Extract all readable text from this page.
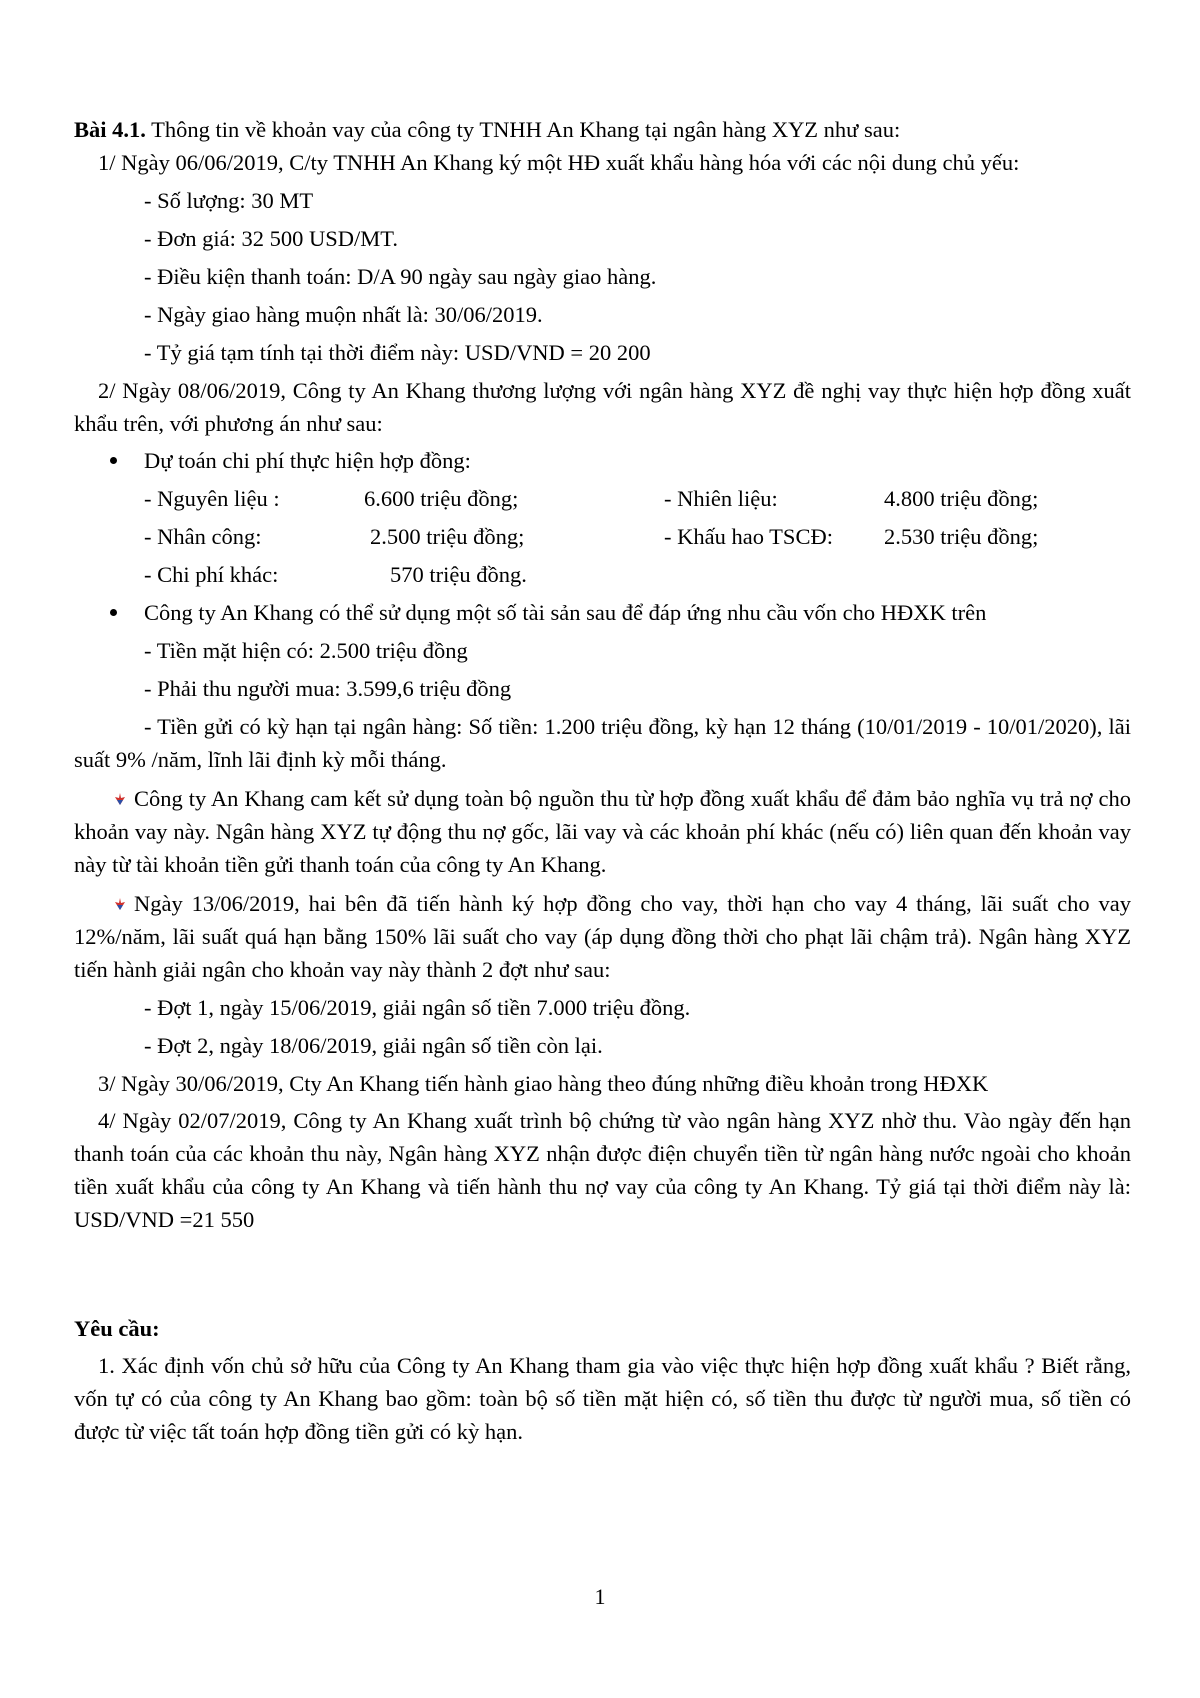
Bài 4.1. Thông tin về khoản vay của công ty TNHH An Khang tại ngân hàng XYZ như sau:

1/ Ngày 06/06/2019, C/ty TNHH An Khang ký một HĐ xuất khẩu hàng hóa với các nội dung chủ yếu:

- Số lượng: 30 MT
- Đơn giá: 32 500 USD/MT.
- Điều kiện thanh toán: D/A 90 ngày sau ngày giao hàng.
- Ngày giao hàng muộn nhất là: 30/06/2019.
- Tỷ giá tạm tính tại thời điểm này: USD/VND = 20 200

2/ Ngày 08/06/2019, Công ty An Khang thương lượng với ngân hàng XYZ đề nghị vay thực hiện hợp đồng xuất khẩu trên, với phương án như sau:

Dự toán chi phí thực hiện hợp đồng:
- Nguyên liệu :	6.600 triệu đồng;	- Nhiên liệu:	4.800 triệu đồng;
- Nhân công:	2.500 triệu đồng;	- Khấu hao TSCĐ:	2.530 triệu đồng;
- Chi phí khác:	570 triệu đồng.
Công ty An Khang có thể sử dụng một số tài sản sau để đáp ứng nhu cầu vốn cho HĐXK trên
- Tiền mặt hiện có: 2.500 triệu đồng
- Phải thu người mua: 3.599,6 triệu đồng

- Tiền gửi có kỳ hạn tại ngân hàng: Số tiền: 1.200 triệu đồng, kỳ hạn 12 tháng (10/01/2019 - 10/01/2020), lãi suất 9% /năm, lĩnh lãi định kỳ mỗi tháng.

Công ty An Khang cam kết sử dụng toàn bộ nguồn thu từ hợp đồng xuất khẩu để đảm bảo nghĩa vụ trả nợ cho khoản vay này. Ngân hàng XYZ tự động thu nợ gốc, lãi vay và các khoản phí khác (nếu có) liên quan đến khoản vay này từ tài khoản tiền gửi thanh toán của công ty An Khang.
Ngày 13/06/2019, hai bên đã tiến hành ký hợp đồng cho vay, thời hạn cho vay 4 tháng, lãi suất cho vay 12%/năm, lãi suất quá hạn bằng 150% lãi suất cho vay (áp dụng đồng thời cho phạt lãi chậm trả). Ngân hàng XYZ tiến hành giải ngân cho khoản vay này thành 2 đợt như sau:
- Đợt 1, ngày 15/06/2019, giải ngân số tiền 7.000 triệu đồng.
- Đợt 2, ngày 18/06/2019, giải ngân số tiền còn lại.

3/ Ngày 30/06/2019, Cty An Khang tiến hành giao hàng theo đúng những điều khoản trong HĐXK

4/ Ngày 02/07/2019, Công ty An Khang xuất trình bộ chứng từ vào ngân hàng XYZ nhờ thu. Vào ngày đến hạn thanh toán của các khoản thu này, Ngân hàng XYZ nhận được điện chuyển tiền từ ngân hàng nước ngoài cho khoản tiền xuất khẩu của công ty An Khang và tiến hành thu nợ vay của công ty An Khang. Tỷ giá tại thời điểm này là: USD/VND =21 550

Yêu cầu:

1. Xác định vốn chủ sở hữu của Công ty An Khang tham gia vào việc thực hiện hợp đồng xuất khẩu ? Biết rằng, vốn tự có của công ty An Khang bao gồm: toàn bộ số tiền mặt hiện có, số tiền thu được từ người mua, số tiền có được từ việc tất toán hợp đồng tiền gửi có kỳ hạn.

1
